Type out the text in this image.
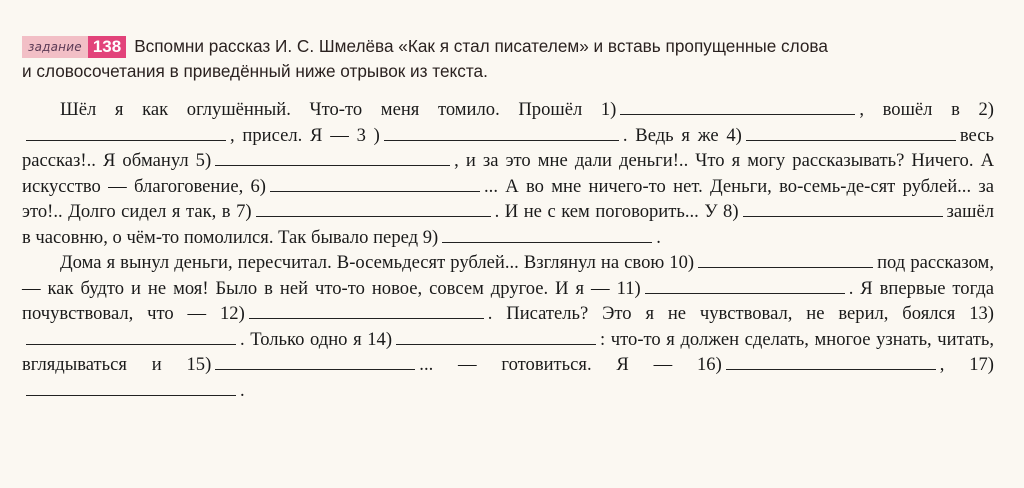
задание 138 Вспомни рассказ И. С. Шмелёва «Как я стал писателем» и вставь пропущенные слова
и словосочетания в приведённый ниже отрывок из текста.

Шёл я как оглушённый. Что-то меня томило. Прошёл 1)	, вошёл в 2), присел. Я — 3 )	. Ведь я же 4)	весь рассказ!.. Я обманул 5)	, и за это мне дали деньги!.. Что я могу рассказывать? Ничего. А искусство — благоговение, 6)	... А во мне ничего-то нет. Деньги, во-семь-де-сят рублей... за это!.. Долго сидел я так, в 7)	. И не с кем поговорить... У 8)	зашёл в часовню, о чём-то помолился. Так бывало перед 9)	.

Дома я вынул деньги, пересчитал. В-осемьдесят рублей... Взглянул на свою 10)	под рассказом, — как будто и не моя! Было в ней что-то новое, совсем другое. И я — 11)	. Я впервые тогда почувствовал, что — 12)	. Писатель? Это я не чувствовал, не верил, боялся 13). Только одно я 14)	: что-то я должен сделать, многое узнать, читать, вглядываться и 15)	... — готовиться. Я — 16)	, 17).
